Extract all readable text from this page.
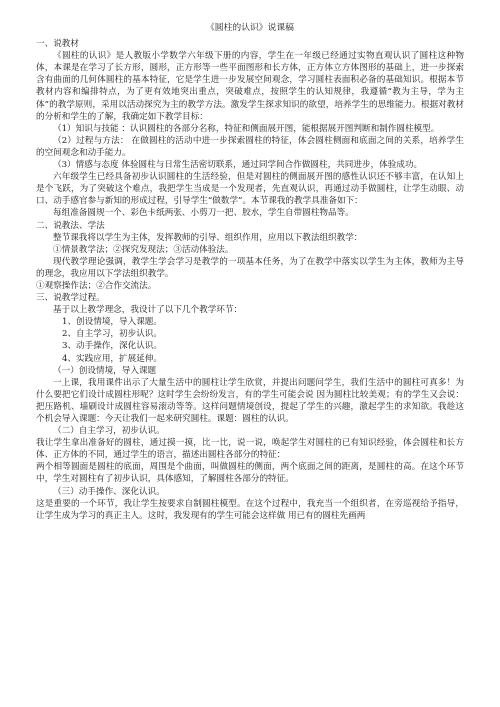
《圆柱的认识》说课稿

一、说教材

《圆柱的认识》是人教版小学数学六年级下册的内容，学生在一年级已经通过实物直观认识了圆柱这种物体，本课是在学习了长方形，圆形，正方形等一些平面图形和长方体，正方体立方体图形的基础上，进一步探索含有曲面的几何体圆柱的基本特征，它是学生进一步发展空间观念，学习圆柱表面积必备的基础知识。根据本节教材内容和编排特点，为了更有效地突出重点，突破难点，按照学生的认知规律，我遵循“教为主导，学为主体”的教学原则，采用以活动探究为主的教学方法。激发学生探求知识的欲望，培养学生的思维能力。根据对教材的分析和学生的了解，我确定如下教学目标：

（1）知识与技能 ：认识圆柱的各部分名称，特征和侧面展开图，能根据展开图判断和制作圆柱模型。

（2）过程与方法： 在做圆柱的活动中进一步探索圆柱的特征，体会圆柱侧面和底面之间的关系，培养学生的空间观念和动手能力。

（3）情感与态度 体验圆柱与日常生活密切联系，通过同学间合作做圆柱，共同进步，体验成功。

六年级学生已经具备初步认识圆柱的生活经验，但是对圆柱的侧面展开图的感性认识还不够丰富，在认知上是个飞跃，为了突破这个难点，我把学生当成是一个发现者，先直观认识，再通过动手做圆柱，让学生动眼、动口、动手感官参与新知的形成过程，引导学生“做数学”。本节课我的教学具准备如下：

每组准备圆规一个、彩色卡纸两张、小剪刀一把、胶水，学生自带圆柱物品等。

二、说教法、学法

整节课我将以学生为主体，发挥教师的引导、组织作用，应用以下教法组织教学：

①情景教学法；②探究发现法；③活动体验法。

现代教学理论强调，教学生学会学习是教学的一项基本任务，为了在教学中落实以学生为主体，教师为主导的理念，我应用以下学法组织教学。

①观察操作法；②合作交流法。

三、说教学过程。

基于以上教学理念，我设计了以下几个教学环节：

1、创设情境，导入课题。

2、自主学习，初步认识。

3、动手操作，深化认识。

4、实践应用，扩展延伸。

（一）创设情境，导入课题

一上课，我用课件出示了大量生活中的圆柱让学生欣赏，并提出问题问学生，我们生活中的圆柱可真多！为什么要把它们设计成圆柱形呢？这时学生会纷纷发言，有的学生可能会说 因为圆柱比较美观；有的学生又会说：把压路机、墙刷设计成圆柱容易滚动等等。这样问题情境创设，提起了学生的兴趣，激起学生的求知欲。我趁这个机会导入课题：今天让我们一起来研究圆柱。课题：圆柱的认识。

（二）自主学习，初步认识。

我让学生拿出准备好的圆柱，通过摸一摸，比一比，说一说，唤起学生对圆柱的已有知识经验，体会圆柱和长方体、正方体的不同，通过学生的语言，描述出圆柱各部分的特征：

两个相等圆面是圆柱的底面，周围是个曲面，叫做圆柱的侧面，两个底面之间的距离，是圆柱的高。在这个环节中，学生对圆柱有了初步认识，具体感知，了解圆柱各部分的特征。

（三）动手操作、深化认识。

这是重要的一个环节，我让学生按要求自制圆柱模型。在这个过程中，我充当一个组织者，在旁巡视给予指导，让学生成为学习的真正主人。这时，我发现有的学生可能会这样做 用已有的圆柱先画两
